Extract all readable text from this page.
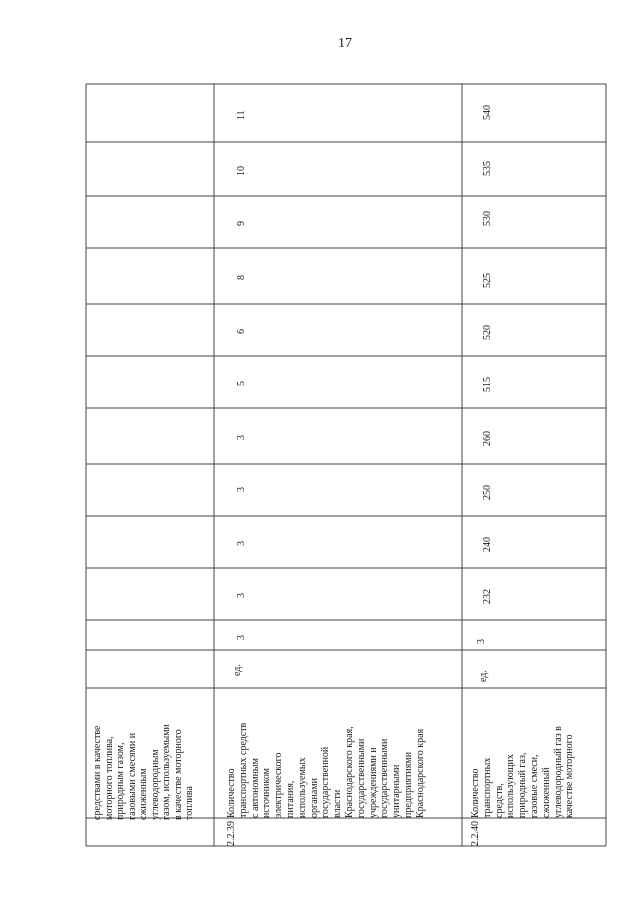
17
средствами в качестве моторного топлива, природным газом, газовыми смесями и сжиженным углеводородным газом, используемыми в качестве моторного топлива
2.2.39
Количество транспортных средств с автономным источником электрического питания, используемых органами государственной власти Краснодарского края, государственными учреждениями и государственными унитарными предприятиями Краснодарского края
ед.
11
10
9
8
6
5
3
3
3
3
3
2.2.40
Количество транспортных средств, использующих природный газ, газовые смеси, сжиженный углеводородный газ в качестве моторного
ед.
540
535
530
525
520
515
260
250
240
232
3
